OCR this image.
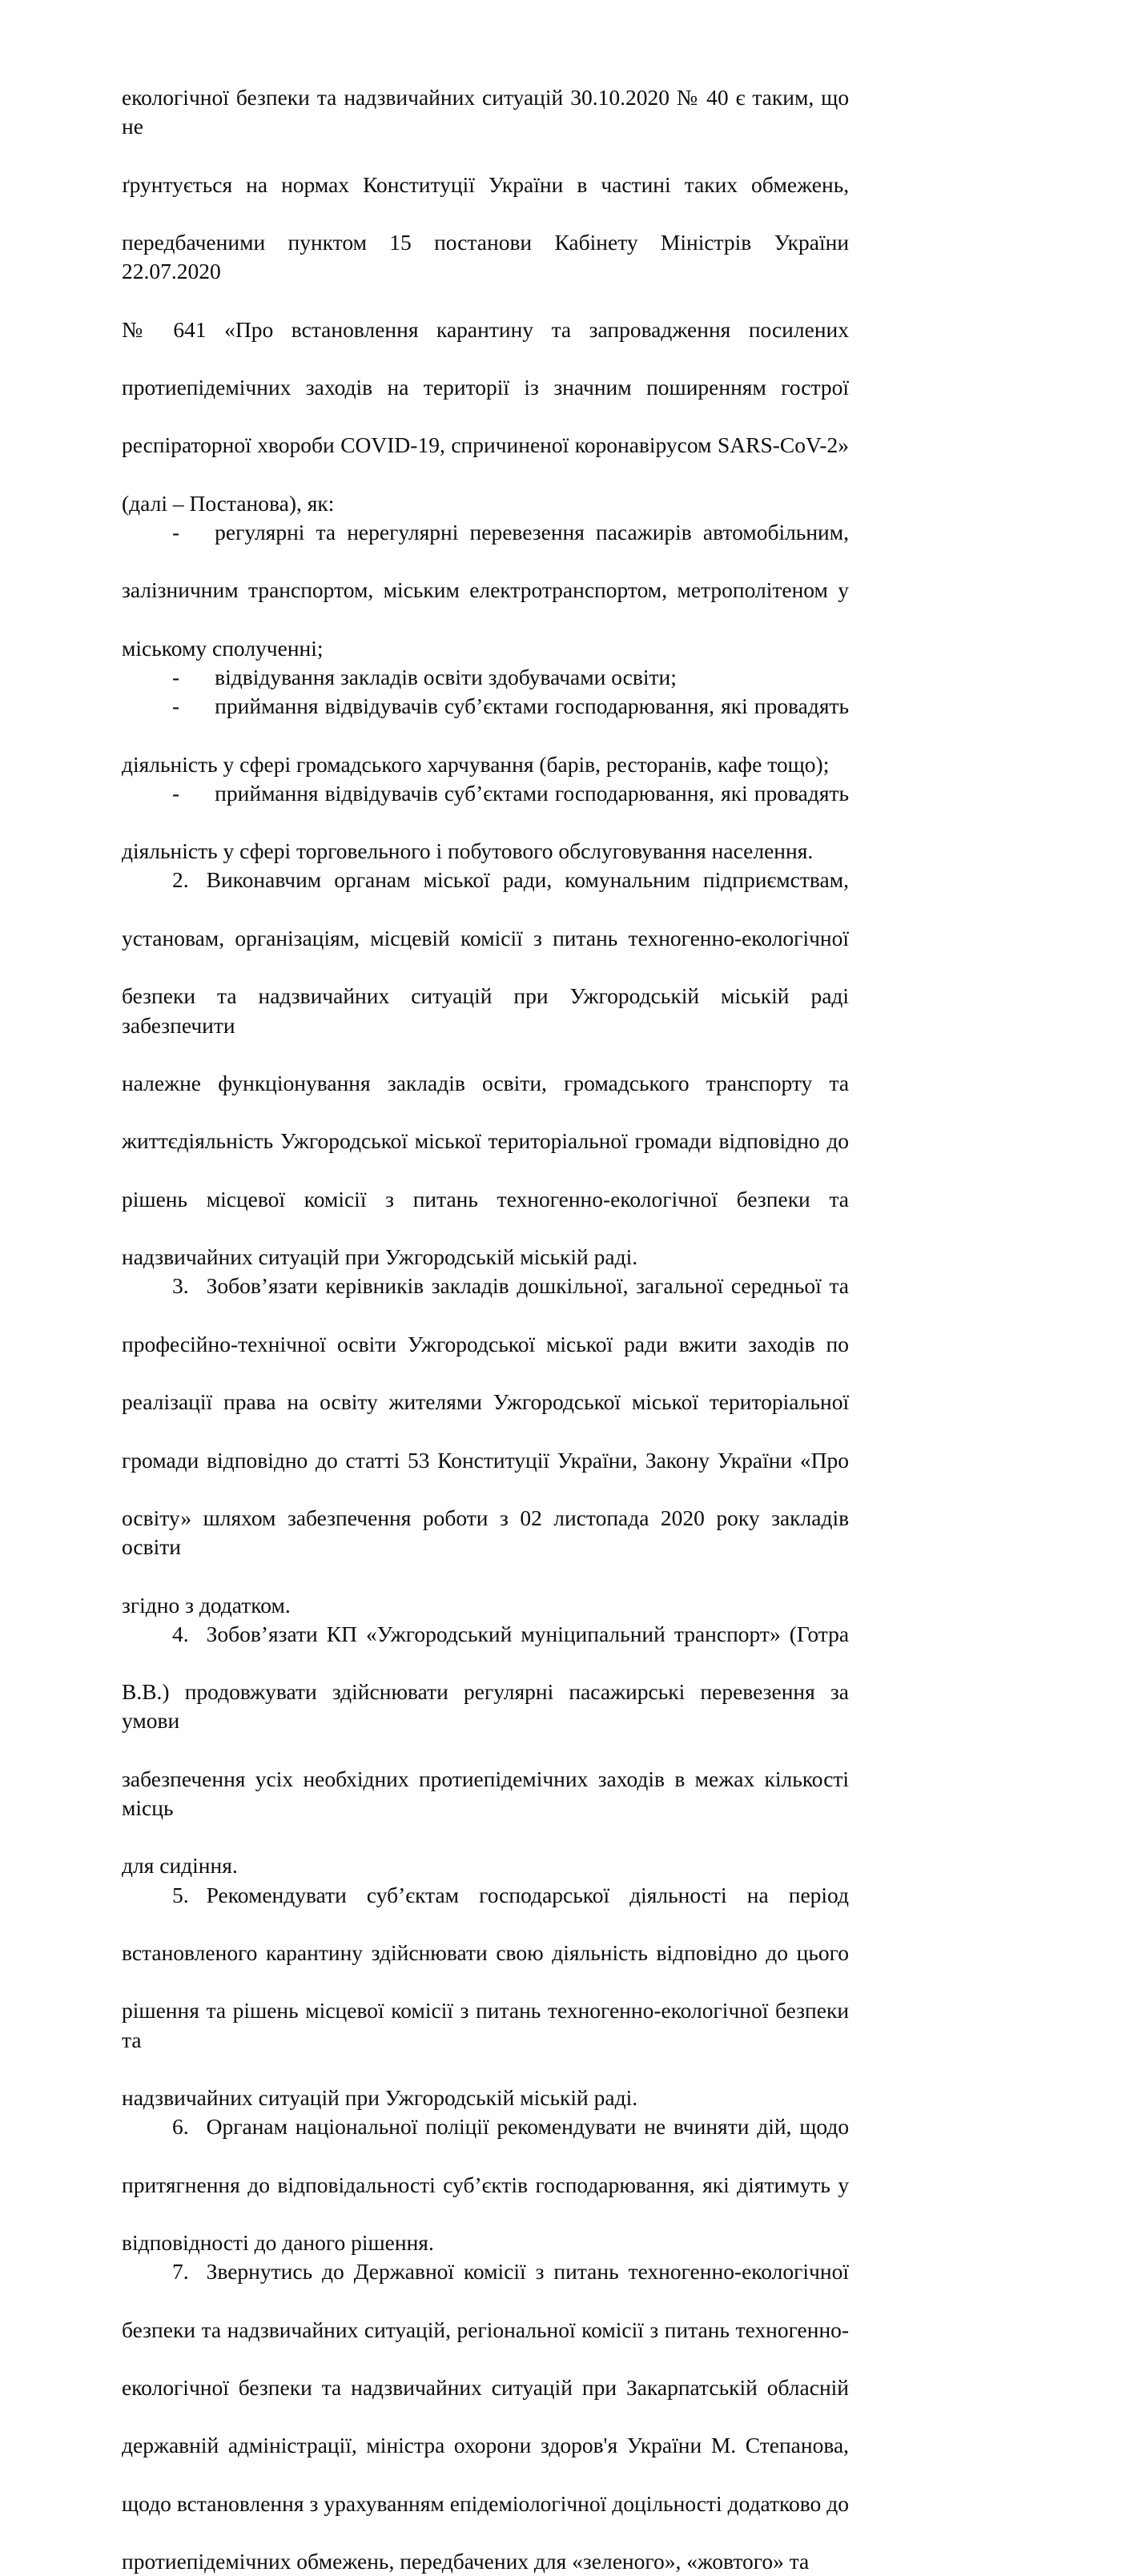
екологічної безпеки та надзвичайних ситуацій 30.10.2020 № 40 є таким, що не
ґрунтується на нормах Конституції України в частині таких обмежень,
передбаченими пунктом 15 постанови Кабінету Міністрів України 22.07.2020
№ 641 «Про встановлення карантину та запровадження посилених
протиепідемічних заходів на території із значним поширенням гострої
респіраторної хвороби COVID-19, спричиненої коронавірусом SARS-CoV-2»
(далі – Постанова), як:
- регулярні та нерегулярні перевезення пасажирів автомобільним,
залізничним транспортом, міським електротранспортом, метрополітеном у
міському сполученні;
- відвідування закладів освіти здобувачами освіти;
- приймання відвідувачів суб’єктами господарювання, які провадять
діяльність у сфері громадського харчування (барів, ресторанів, кафе тощо);
- приймання відвідувачів суб’єктами господарювання, які провадять
діяльність у сфері торговельного і побутового обслуговування населення.
2. Виконавчим органам міської ради, комунальним підприємствам,
установам, організаціям, місцевій комісії з питань техногенно-екологічної
безпеки та надзвичайних ситуацій при Ужгородській міській раді забезпечити
належне функціонування закладів освіти, громадського транспорту та
життєдіяльність Ужгородської міської територіальної громади відповідно до
рішень місцевої комісії з питань техногенно-екологічної безпеки та
надзвичайних ситуацій при Ужгородській міській раді.
3. Зобов’язати керівників закладів дошкільної, загальної середньої та
професійно-технічної освіти Ужгородської міської ради вжити заходів по
реалізації права на освіту жителями Ужгородської міської територіальної
громади відповідно до статті 53 Конституції України, Закону України «Про
освіту» шляхом забезпечення роботи з 02 листопада 2020 року закладів освіти
згідно з додатком.
4. Зобов’язати КП «Ужгородський муніципальний транспорт» (Готра
В.В.) продовжувати здійснювати регулярні пасажирські перевезення за умови
забезпечення усіх необхідних протиепідемічних заходів в межах кількості місць
для сидіння.
5. Рекомендувати суб’єктам господарської діяльності на період
встановленого карантину здійснювати свою діяльність відповідно до цього
рішення та рішень місцевої комісії з питань техногенно-екологічної безпеки та
надзвичайних ситуацій при Ужгородській міській раді.
6. Органам національної поліції рекомендувати не вчиняти дій, щодо
притягнення до відповідальності суб’єктів господарювання, які діятимуть у
відповідності до даного рішення.
7. Звернутись до Державної комісії з питань техногенно-екологічної
безпеки та надзвичайних ситуацій, регіональної комісії з питань техногенно-
екологічної безпеки та надзвичайних ситуацій при Закарпатській обласній
державній адміністрації, міністра охорони здоров'я України М. Степанова,
щодо встановлення з урахуванням епідеміологічної доцільності додатково до
протиепідемічних обмежень, передбачених для «зеленого», «жовтого» та
